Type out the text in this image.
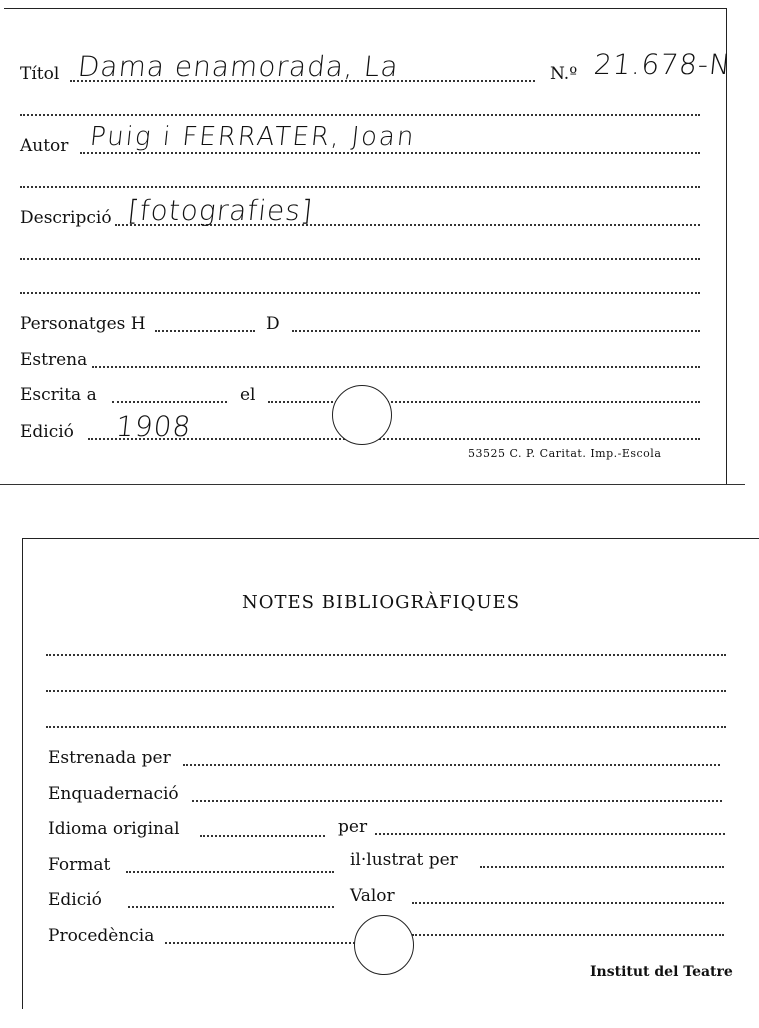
Títol Dama enamorada, La	N.º 21.678-N
Autor Puig i FERRATER, Joan
Descripció [fotografies]
Personatges H	D
Estrena
Escrita a	el
Edició 1908
53525 C. P. Caritat. Imp.-Escola
NOTES BIBLIOGRÀFIQUES
Estrenada per
Enquadernació
Idioma original	per
Format	il·lustrat per
Edició	Valor
Procedència
Institut del Teatre
